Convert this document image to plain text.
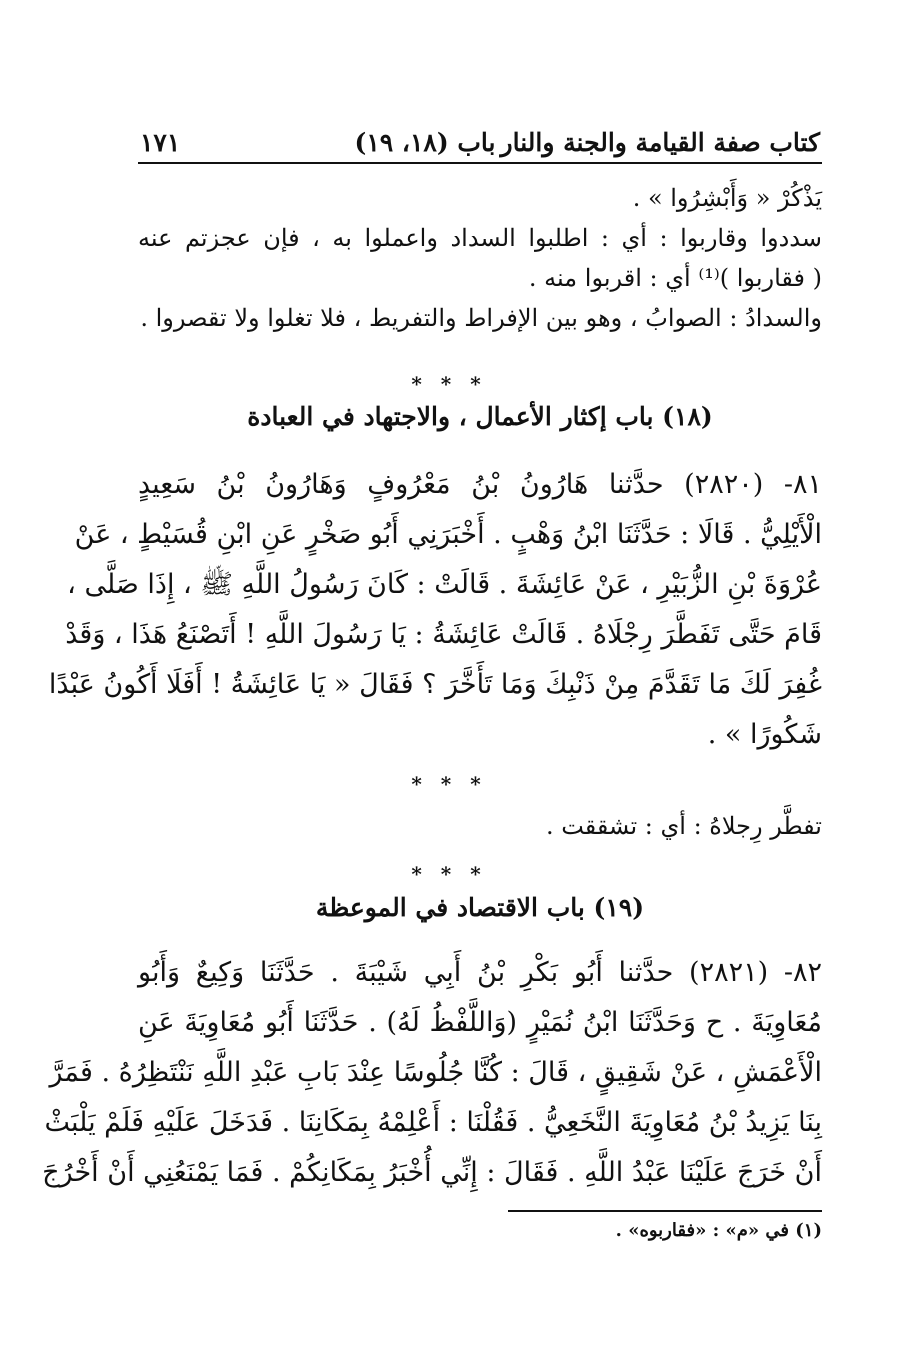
كتاب صفة القيامة والجنة والنار
باب (١٨، ١٩)
١٧١
يَذْكُرْ « وَأَبْشِرُوا » .
سددوا وقاربوا : أي : اطلبوا السداد واعملوا به ، فإن عجزتم عنه
( فقاربوا )⁽¹⁾ أي : اقربوا منه .
والسدادُ : الصوابُ ، وهو بين الإفراط والتفريط ، فلا تغلوا ولا تقصروا .
* * *
(١٨) باب إكثار الأعمال ، والاجتهاد في العبادة
٨١- (٢٨٢٠) حدَّثنا هَارُونُ بْنُ مَعْرُوفٍ وَهَارُونُ بْنُ سَعِيدٍ
الْأَيْلِيُّ . قَالَا : حَدَّثَنَا ابْنُ وَهْبٍ . أَخْبَرَنِي أَبُو صَخْرٍ عَنِ ابْنِ قُسَيْطٍ ، عَنْ
عُرْوَةَ بْنِ الزُّبَيْرِ ، عَنْ عَائِشَةَ . قَالَتْ : كَانَ رَسُولُ اللَّهِ ﷺ ، إِذَا صَلَّى ،
قَامَ حَتَّى تَفَطَّرَ رِجْلَاهُ . قَالَتْ عَائِشَةُ : يَا رَسُولَ اللَّهِ ! أَتَصْنَعُ هَذَا ، وَقَدْ
غُفِرَ لَكَ مَا تَقَدَّمَ مِنْ ذَنْبِكَ وَمَا تَأَخَّرَ ؟ فَقَالَ « يَا عَائِشَةُ ! أَفَلَا أَكُونُ عَبْدًا
شَكُورًا » .
* * *
تفطَّر رِجلاهُ : أي : تشققت .
* * *
(١٩) باب الاقتصاد في الموعظة
٨٢- (٢٨٢١) حدَّثنا أَبُو بَكْرِ بْنُ أَبِي شَيْبَةَ . حَدَّثَنَا وَكِيعٌ وَأَبُو
مُعَاوِيَةَ . ح وَحَدَّثَنَا ابْنُ نُمَيْرٍ (وَاللَّفْظُ لَهُ) . حَدَّثَنَا أَبُو مُعَاوِيَةَ عَنِ
الْأَعْمَشِ ، عَنْ شَقِيقٍ ، قَالَ : كُنَّا جُلُوسًا عِنْدَ بَابِ عَبْدِ اللَّهِ نَنْتَظِرُهُ . فَمَرَّ
بِنَا يَزِيدُ بْنُ مُعَاوِيَةَ النَّخَعِيُّ . فَقُلْنَا : أَعْلِمْهُ بِمَكَانِنَا . فَدَخَلَ عَلَيْهِ فَلَمْ يَلْبَثْ
أَنْ خَرَجَ عَلَيْنَا عَبْدُ اللَّهِ . فَقَالَ : إِنِّي أُخْبَرُ بِمَكَانِكُمْ . فَمَا يَمْنَعُنِي أَنْ أَخْرُجَ
(١) في «م» : «فقاربوه» .
